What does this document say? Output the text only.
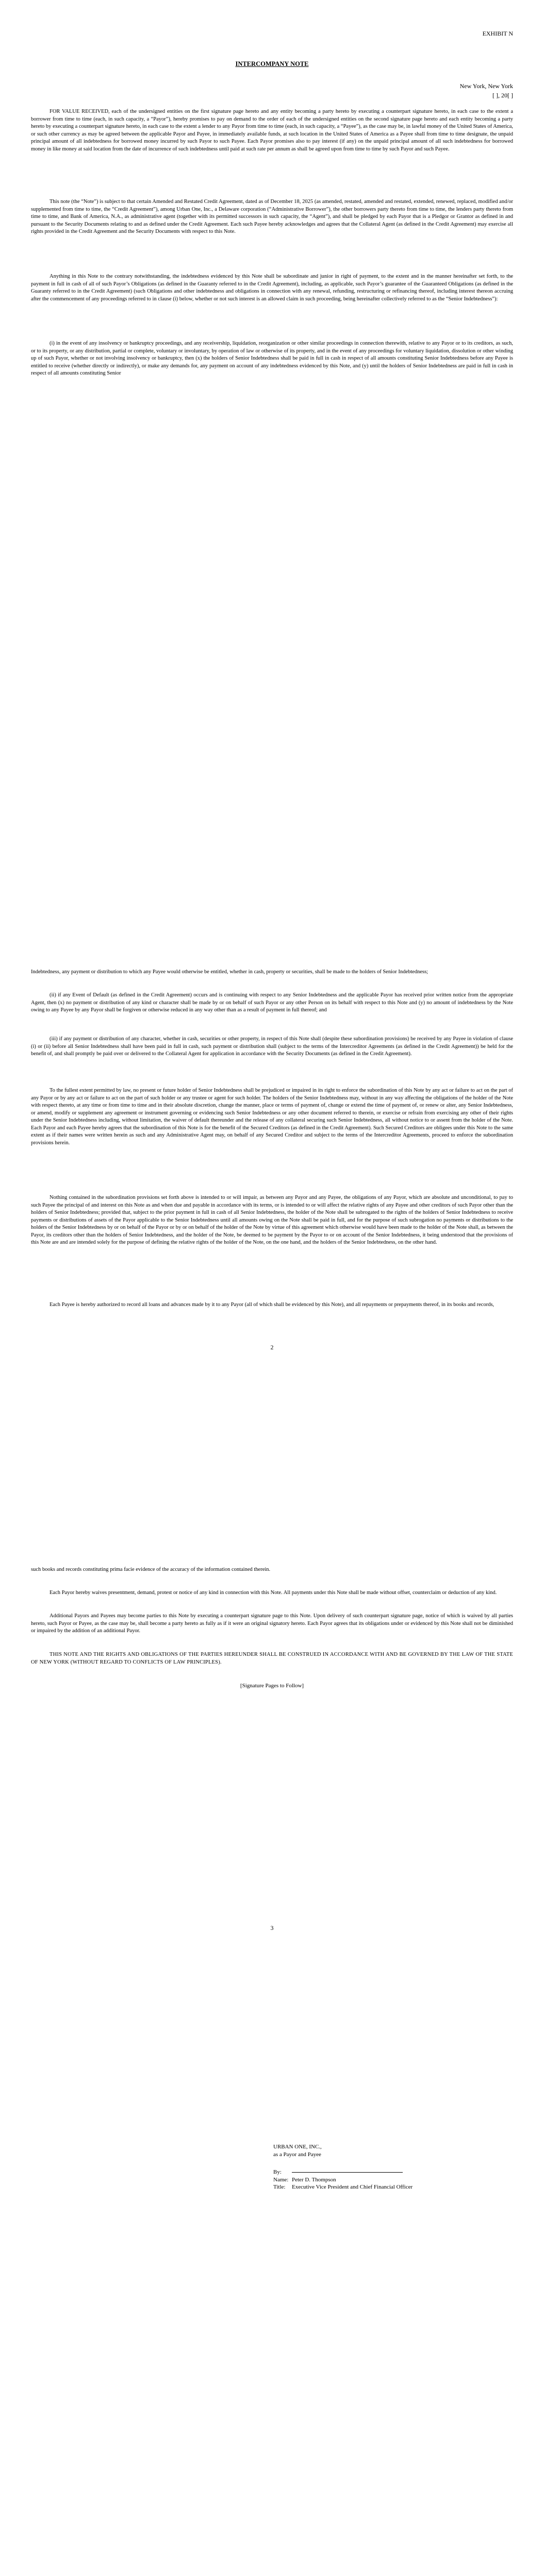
EXHIBIT N
INTERCOMPANY NOTE
New York, New York
[ ], 20[ ]

FOR VALUE RECEIVED, each of the undersigned entities on the first signature page hereto and any entity becoming a party hereto by executing a counterpart signature hereto, in each case to the extent a borrower from time to time (each, in such capacity, a “Payor”), hereby promises to pay on demand to the order of each of the undersigned entities on the second signature page hereto and each entity becoming a party hereto by executing a counterpart signature hereto, in each case to the extent a lender to any Payor from time to time (each, in such capacity, a “Payee”), as the case may be, in lawful money of the United States of America, or such other currency as may be agreed between the applicable Payor and Payee, in immediately available funds, at such location in the United States of America as a Payee shall from time to time designate, the unpaid principal amount of all indebtedness for borrowed money incurred by such Payor to such Payee. Each Payor promises also to pay interest (if any) on the unpaid principal amount of all such indebtedness for borrowed money in like money at said location from the date of incurrence of such indebtedness until paid at such rate per annum as shall be agreed upon from time to time by such Payor and such Payee.

This note (the “Note”) is subject to that certain Amended and Restated Credit Agreement, dated as of December 18, 2025 (as amended, restated, amended and restated, extended, renewed, replaced, modified and/or supplemented from time to time, the “Credit Agreement”), among Urban One, Inc., a Delaware corporation (“Administrative Borrower”), the other borrowers party thereto from time to time, the lenders party thereto from time to time, and Bank of America, N.A., as administrative agent (together with its permitted successors in such capacity, the “Agent”), and shall be pledged by each Payor that is a Pledgor or Grantor as defined in and pursuant to the Security Documents relating to and as defined under the Credit Agreement. Each such Payee hereby acknowledges and agrees that the Collateral Agent (as defined in the Credit Agreement) may exercise all rights provided in the Credit Agreement and the Security Documents with respect to this Note.

Anything in this Note to the contrary notwithstanding, the indebtedness evidenced by this Note shall be subordinate and junior in right of payment, to the extent and in the manner hereinafter set forth, to the payment in full in cash of all of such Payor’s Obligations (as defined in the Guaranty referred to in the Credit Agreement), including, as applicable, such Payor’s guarantee of the Guaranteed Obligations (as defined in the Guaranty referred to in the Credit Agreement) (such Obligations and other indebtedness and obligations in connection with any renewal, refunding, restructuring or refinancing thereof, including interest thereon accruing after the commencement of any proceedings referred to in clause (i) below, whether or not such interest is an allowed claim in such proceeding, being hereinafter collectively referred to as the “Senior Indebtedness”):

(i) in the event of any insolvency or bankruptcy proceedings, and any receivership, liquidation, reorganization or other similar proceedings in connection therewith, relative to any Payor or to its creditors, as such, or to its property, or any distribution, partial or complete, voluntary or involuntary, by operation of law or otherwise of its property, and in the event of any proceedings for voluntary liquidation, dissolution or other winding up of such Payor, whether or not involving insolvency or bankruptcy, then (x) the holders of Senior Indebtedness shall be paid in full in cash in respect of all amounts constituting Senior Indebtedness before any Payee is entitled to receive (whether directly or indirectly), or make any demands for, any payment on account of any indebtedness evidenced by this Note, and (y) until the holders of Senior Indebtedness are paid in full in cash in respect of all amounts constituting Senior

Indebtedness, any payment or distribution to which any Payee would otherwise be entitled, whether in cash, property or securities, shall be made to the holders of Senior Indebtedness;

(ii) if any Event of Default (as defined in the Credit Agreement) occurs and is continuing with respect to any Senior Indebtedness and the applicable Payor has received prior written notice from the appropriate Agent, then (x) no payment or distribution of any kind or character shall be made by or on behalf of such Payor or any other Person on its behalf with respect to this Note and (y) no amount of indebtedness by the Note owing to any Payee by any Payor shall be forgiven or otherwise reduced in any way other than as a result of payment in full thereof; and

(iii) if any payment or distribution of any character, whether in cash, securities or other property, in respect of this Note shall (despite these subordination provisions) be received by any Payee in violation of clause (i) or (ii) before all Senior Indebtedness shall have been paid in full in cash, such payment or distribution shall (subject to the terms of the Intercreditor Agreements (as defined in the Credit Agreement)) be held for the benefit of, and shall promptly be paid over or delivered to the Collateral Agent for application in accordance with the Security Documents (as defined in the Credit Agreement).

To the fullest extent permitted by law, no present or future holder of Senior Indebtedness shall be prejudiced or impaired in its right to enforce the subordination of this Note by any act or failure to act on the part of any Payor or by any act or failure to act on the part of such holder or any trustee or agent for such holder. The holders of the Senior Indebtedness may, without in any way affecting the obligations of the holder of the Note with respect thereto, at any time or from time to time and in their absolute discretion, change the manner, place or terms of payment of, change or extend the time of payment of, or renew or alter, any Senior Indebtedness, or amend, modify or supplement any agreement or instrument governing or evidencing such Senior Indebtedness or any other document referred to therein, or exercise or refrain from exercising any other of their rights under the Senior Indebtedness including, without limitation, the waiver of default thereunder and the release of any collateral securing such Senior Indebtedness, all without notice to or assent from the holder of the Note. Each Payor and each Payee hereby agrees that the subordination of this Note is for the benefit of the Secured Creditors (as defined in the Credit Agreement). Such Secured Creditors are obligees under this Note to the same extent as if their names were written herein as such and any Administrative Agent may, on behalf of any Secured Creditor and subject to the terms of the Intercreditor Agreements, proceed to enforce the subordination provisions herein.

Nothing contained in the subordination provisions set forth above is intended to or will impair, as between any Payor and any Payee, the obligations of any Payor, which are absolute and unconditional, to pay to such Payee the principal of and interest on this Note as and when due and payable in accordance with its terms, or is intended to or will affect the relative rights of any Payee and other creditors of such Payor other than the holders of Senior Indebtedness; provided that, subject to the prior payment in full in cash of all Senior Indebtedness, the holder of the Note shall be subrogated to the rights of the holders of Senior Indebtedness to receive payments or distributions of assets of the Payor applicable to the Senior Indebtedness until all amounts owing on the Note shall be paid in full, and for the purpose of such subrogation no payments or distributions to the holders of the Senior Indebtedness by or on behalf of the Payor or by or on behalf of the holder of the Note by virtue of this agreement which otherwise would have been made to the holder of the Note shall, as between the Payor, its creditors other than the holders of Senior Indebtedness, and the holder of the Note, be deemed to be payment by the Payor to or on account of the Senior Indebtedness, it being understood that the provisions of this Note are and are intended solely for the purpose of defining the relative rights of the holder of the Note, on the one hand, and the holders of the Senior Indebtedness, on the other hand.

Each Payee is hereby authorized to record all loans and advances made by it to any Payor (all of which shall be evidenced by this Note), and all repayments or prepayments thereof, in its books and records,

2

such books and records constituting prima facie evidence of the accuracy of the information contained therein.

Each Payor hereby waives presentment, demand, protest or notice of any kind in connection with this Note. All payments under this Note shall be made without offset, counterclaim or deduction of any kind.

Additional Payors and Payees may become parties to this Note by executing a counterpart signature page to this Note. Upon delivery of such counterpart signature page, notice of which is waived by all parties hereto, such Payor or Payee, as the case may be, shall become a party hereto as fully as if it were an original signatory hereto. Each Payor agrees that its obligations under or evidenced by this Note shall not be diminished or impaired by the addition of an additional Payor.

THIS NOTE AND THE RIGHTS AND OBLIGATIONS OF THE PARTIES HEREUNDER SHALL BE CONSTRUED IN ACCORDANCE WITH AND BE GOVERNED BY THE LAW OF THE STATE OF NEW YORK (WITHOUT REGARD TO CONFLICTS OF LAW PRINCIPLES).

[Signature Pages to Follow]
3
URBAN ONE, INC.,
as a Payor and Payee
By:
Name: Peter D. Thompson
Title: Executive Vice President and Chief Financial Officer
